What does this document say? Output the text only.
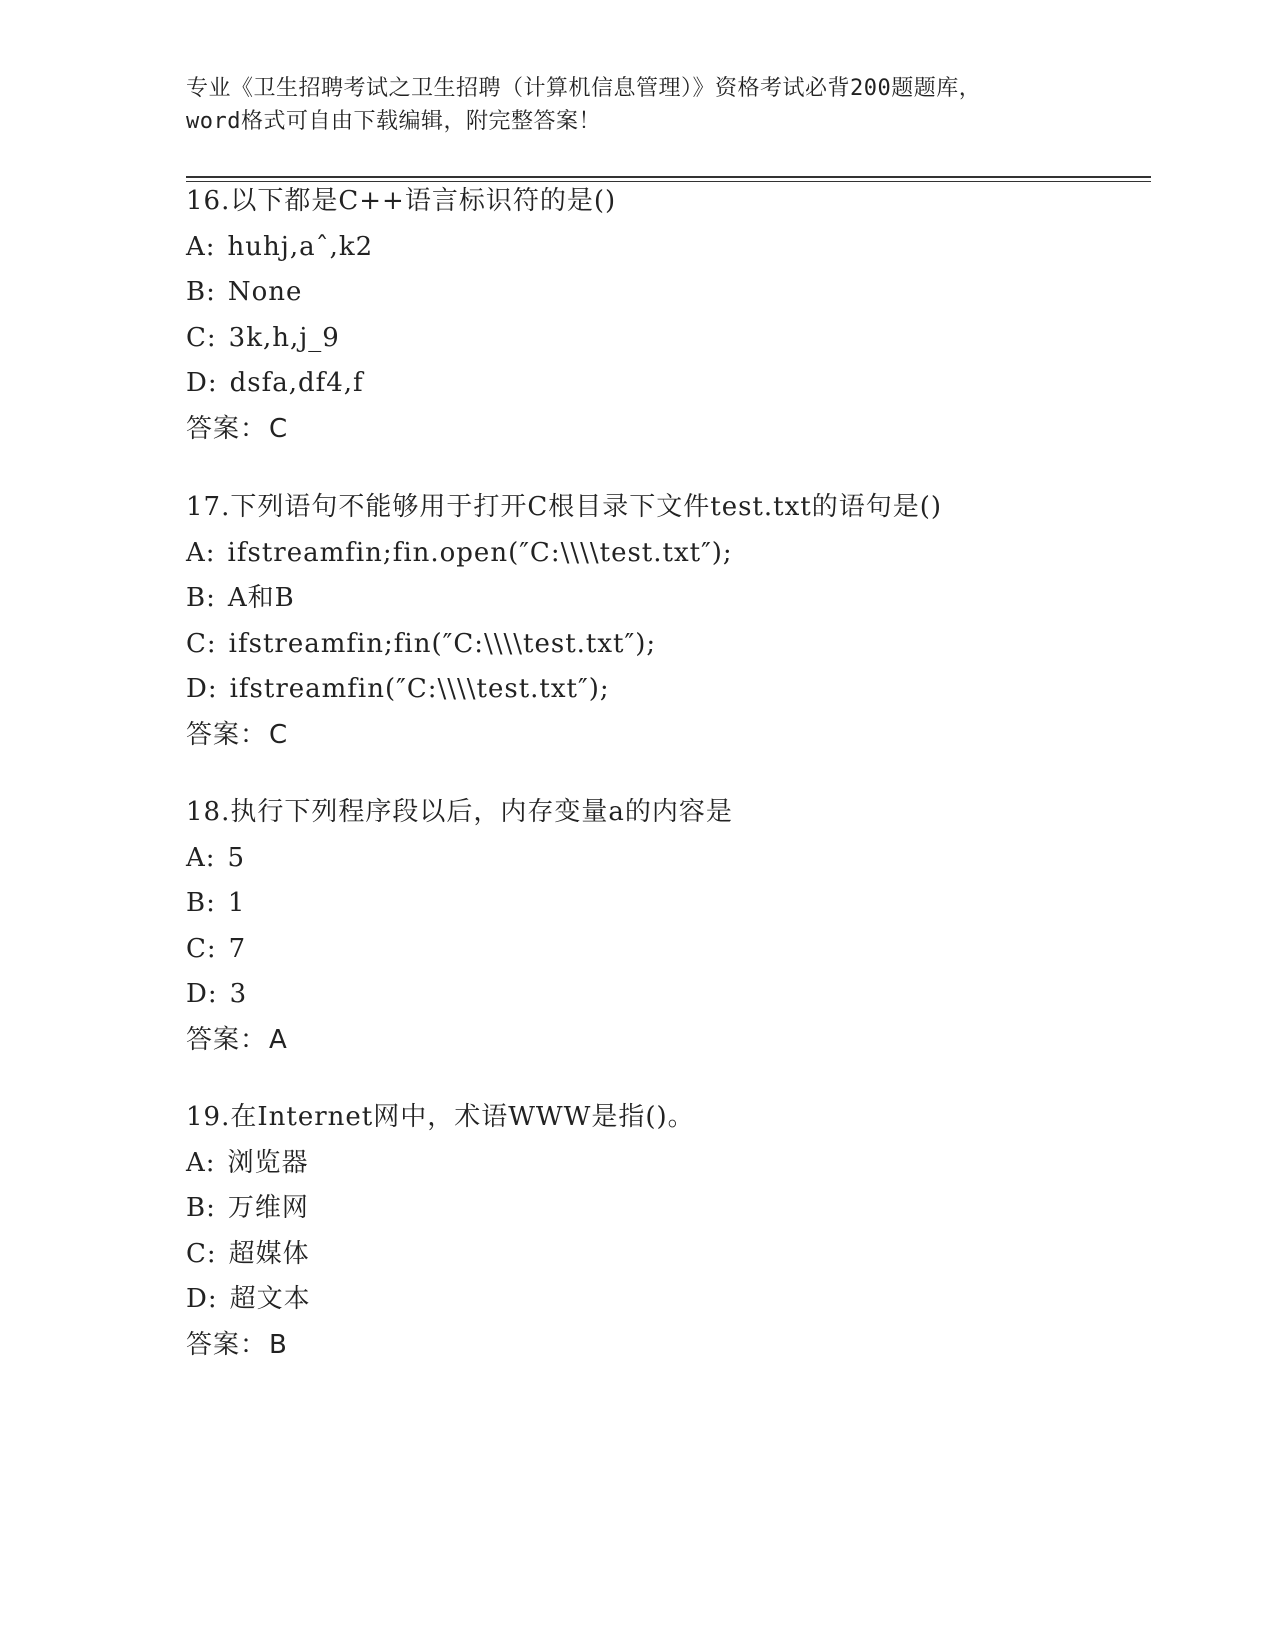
专业《卫生招聘考试之卫生招聘（计算机信息管理）》资格考试必背200题题库，
word格式可自由下载编辑，附完整答案！
16.以下都是C++语言标识符的是()
A: huhj,aˆ,k2
B: None
C: 3k,h,j_9
D: dsfa,df4,f
答案：C
17.下列语句不能够用于打开C根目录下文件test.txt的语句是()
A: ifstreamfin;fin.open(″C:\\\\test.txt″);
B: A和B
C: ifstreamfin;fin(″C:\\\\test.txt″);
D: ifstreamfin(″C:\\\\test.txt″);
答案：C
18.执行下列程序段以后，内存变量a的内容是
A: 5
B: 1
C: 7
D: 3
答案：A
19.在Internet网中，术语WWW是指()。
A: 浏览器
B: 万维网
C: 超媒体
D: 超文本
答案：B
